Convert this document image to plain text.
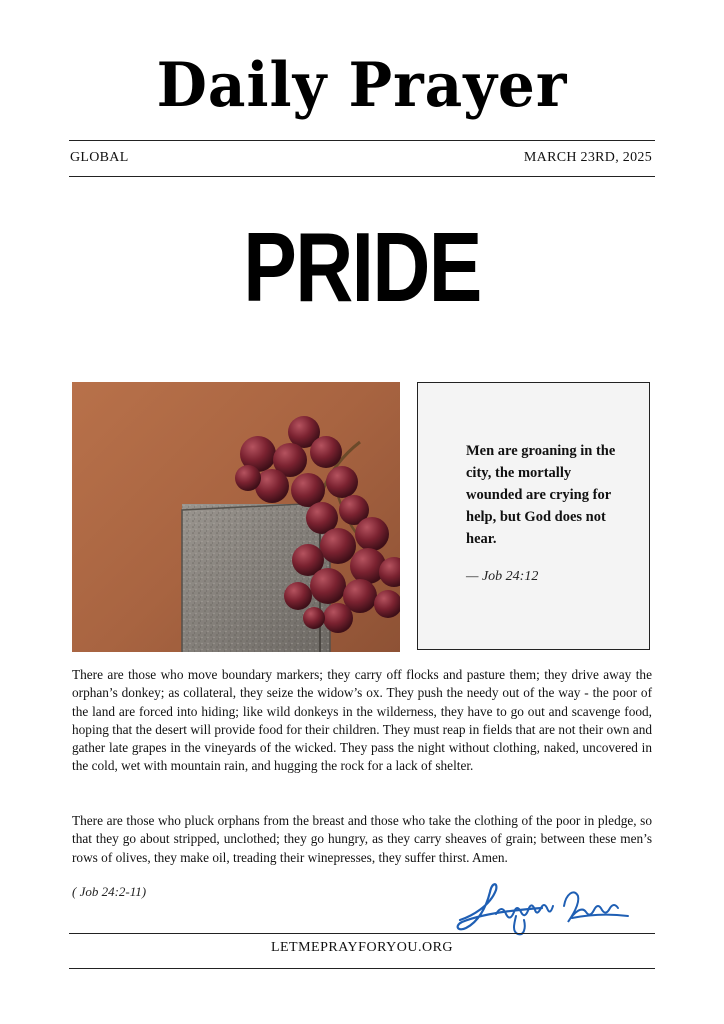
Daily Prayer
GLOBAL	MARCH 23RD, 2025
PRIDE
Men are groaning in the city, the mortally wounded are crying for help, but God does not hear.
— Job 24:12
There are those who move boundary markers; they carry off flocks and pasture them; they drive away the orphan’s donkey; as collateral, they seize the widow’s ox. They push the needy out of the way - the poor of the land are forced into hiding; like wild donkeys in the wilderness, they have to go out and scavenge food, hoping that the desert will provide food for their children. They must reap in fields that are not their own and gather late grapes in the vineyards of the wicked. They pass the night without clothing, naked, uncovered in the cold, wet with mountain rain, and hugging the rock for a lack of shelter.
There are those who pluck orphans from the breast and those who take the clothing of the poor in pledge, so that they go about stripped, unclothed; they go hungry, as they carry sheaves of grain; between these men’s rows of olives, they make oil, treading their winepresses, they suffer thirst. Amen.
( Job 24:2-11)
LETMEPRAYFORYOU.ORG
